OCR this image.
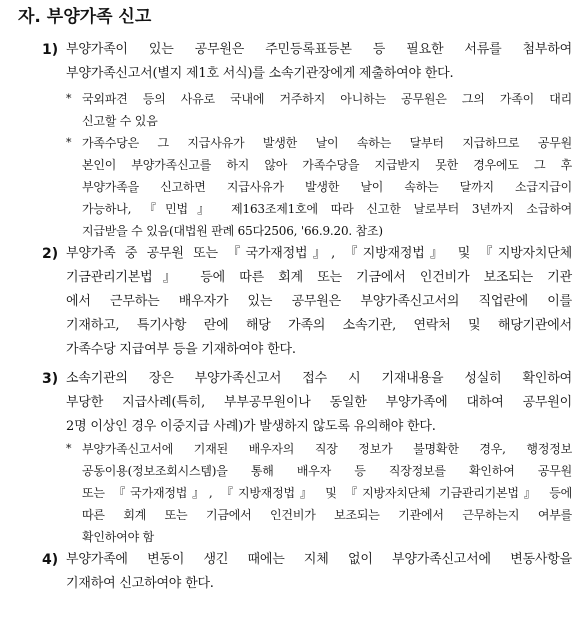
자. 부양가족 신고
1) 부양가족이 있는 공무원은 주민등록표등본 등 필요한 서류를 첨부하여
부양가족신고서(별지 제1호 서식)를 소속기관장에게 제출하여야 한다.
* 국외파견 등의 사유로 국내에 거주하지 아니하는 공무원은 그의 가족이 대리
신고할 수 있음
* 가족수당은 그 지급사유가 발생한 날이 속하는 달부터 지급하므로 공무원
본인이 부양가족신고를 하지 않아 가족수당을 지급받지 못한 경우에도 그 후
부양가족을 신고하면 지급사유가 발생한 날이 속하는 달까지 소급지급이
가능하나, 『민법』 제163조제1호에 따라 신고한 날로부터 3년까지 소급하여
지급받을 수 있음(대법원 판례 65다2506, '66.9.20. 참조)
2) 부양가족 중 공무원 또는 『국가재정법』, 『지방재정법』 및 『지방자치단체
기금관리기본법』 등에 따른 회계 또는 기금에서 인건비가 보조되는 기관
에서 근무하는 배우자가 있는 공무원은 부양가족신고서의 직업란에 이를
기재하고, 특기사항 란에 해당 가족의 소속기관, 연락처 및 해당기관에서
가족수당 지급여부 등을 기재하여야 한다.
3) 소속기관의 장은 부양가족신고서 접수 시 기재내용을 성실히 확인하여
부당한 지급사례(특히, 부부공무원이나 동일한 부양가족에 대하여 공무원이
2명 이상인 경우 이중지급 사례)가 발생하지 않도록 유의해야 한다.
* 부양가족신고서에 기재된 배우자의 직장 정보가 불명확한 경우, 행정정보
공동이용(정보조회시스템)을 통해 배우자 등 직장정보를 확인하여 공무원
또는 『국가재정법』, 『지방재정법』 및 『지방자치단체 기금관리기본법』 등에
따른 회계 또는 기금에서 인건비가 보조되는 기관에서 근무하는지 여부를
확인하여야 함
4) 부양가족에 변동이 생긴 때에는 지체 없이 부양가족신고서에 변동사항을
기재하여 신고하여야 한다.
